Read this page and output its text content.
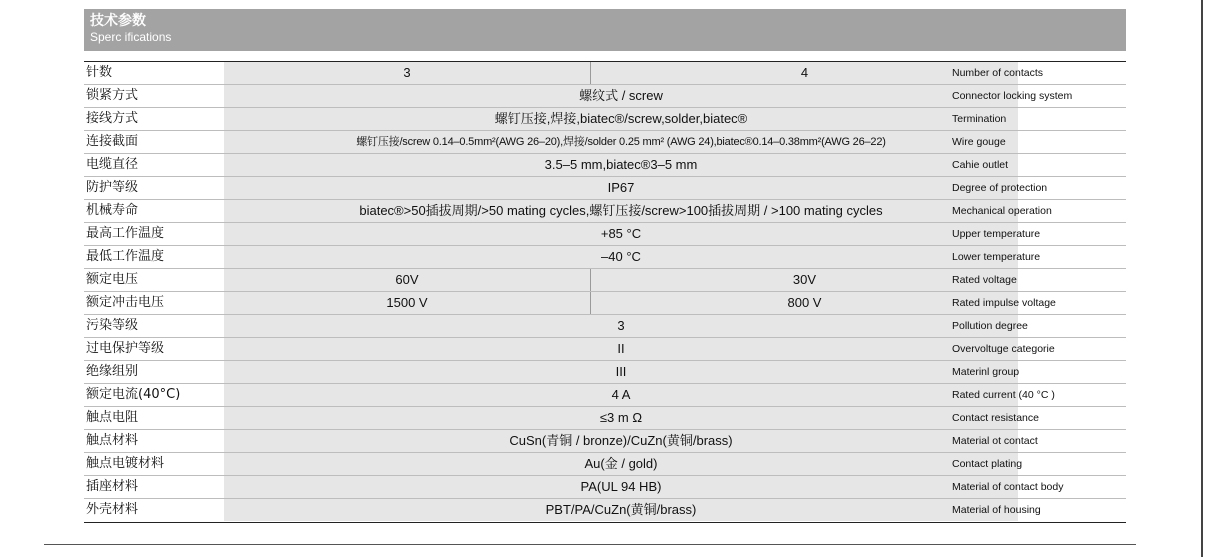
技术参数
Sperc ifications
针数	3	4	Number of contacts
锁紧方式	螺纹式 / screw	Connector locking system
接线方式	螺钉压接,焊接,biatec®/screw,solder,biatec®	Termination
连接截面	螺钉压接/screw 0.14–0.5mm²(AWG 26–20),焊接/solder 0.25 mm² (AWG 24),biatec®0.14–0.38mm²(AWG 26–22)	Wire gouge
电缆直径	3.5–5 mm,biatec®3–5 mm	Cahie outlet
防护等级	IP67	Degree of protection
机械寿命	biatec®>50插拔周期/>50 mating cycles,螺钉压接/screw>100插拔周期 / >100 mating cycles	Mechanical operation
最高工作温度	+85 °C	Upper temperature
最低工作温度	–40 °C	Lower temperature
额定电压	60V	30V	Rated voltage
额定冲击电压	1500 V	800 V	Rated impulse voltage
污染等级	3	Pollution degree
过电保护等级	II	Overvoltuge categorie
绝缘组别	III	Materinl group
额定电流(40°C)	4 A	Rated current (40 °C )
触点电阻	≤3 m Ω	Contact resistance
触点材料	CuSn(青铜 / bronze)/CuZn(黄铜/brass)	Material ot contact
触点电镀材料	Au(金 / gold)	Contact plating
插座材料	PA(UL 94 HB)	Material of contact body
外壳材料	PBT/PA/CuZn(黄铜/brass)	Material of housing
